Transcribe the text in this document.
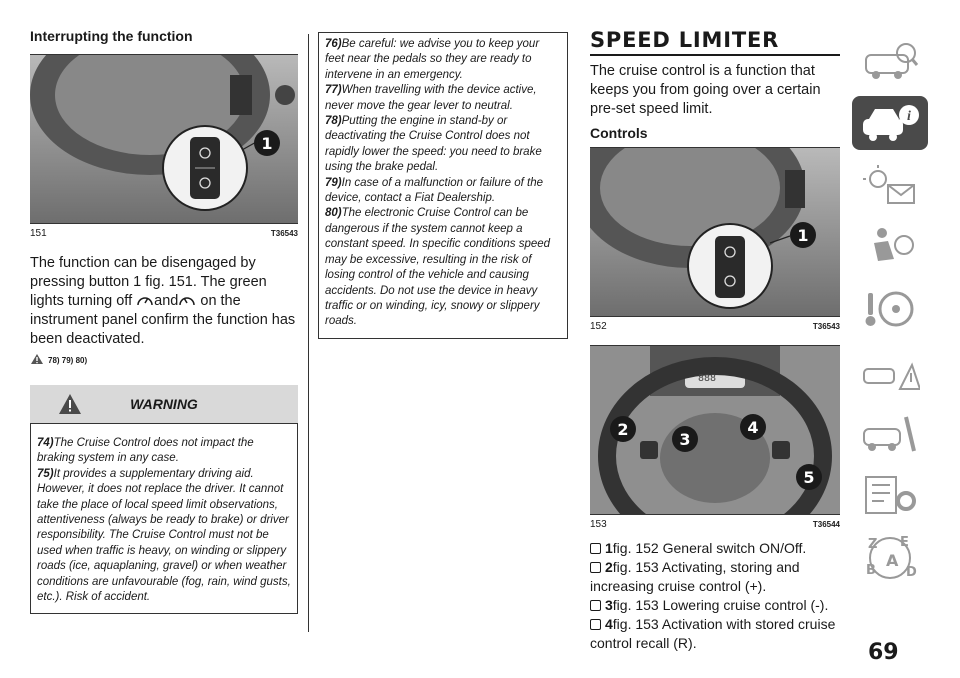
Interrupting the function
1
151	T36543
The function can be disengaged by pressing button 1 fig. 151. The green lights turning off and on the instrument panel confirm the function has been deactivated.
78) 79) 80)
WARNING
74)The Cruise Control does not impact the braking system in any case.
75)It provides a supplementary driving aid. However, it does not replace the driver. It cannot take the place of local speed limit observations, attentiveness (always be ready to brake) or driver responsibility. The Cruise Control must not be used when traffic is heavy, on winding or slippery roads (ice, aquaplaning, gravel) or when weather conditions are unfavourable (fog, rain, wind gusts, etc.). Risk of accident.
76)Be careful: we advise you to keep your feet near the pedals so they are ready to intervene in an emergency.
77)When travelling with the device active, never move the gear lever to neutral.
78)Putting the engine in stand-by or deactivating the Cruise Control does not rapidly lower the speed: you need to brake using the brake pedal.
79)In case of a malfunction or failure of the device, contact a Fiat Dealership.
80)The electronic Cruise Control can be dangerous if the system cannot keep a constant speed. In specific conditions speed may be excessive, resulting in the risk of losing control of the vehicle and causing accidents. Do not use the device in heavy traffic or on winding, icy, snowy or slippery roads.
SPEED LIMITER
The cruise control is a function that keeps you from going over a certain pre-set speed limit.
Controls
1
152	T36543
888
2
3
4
5
153	T36544
1fig. 152 General switch ON/Off.
2fig. 153 Activating, storing and increasing cruise control (+).
3fig. 153 Lowering cruise control (-).
4fig. 153 Activation with stored cruise control recall (R).
i
Z E
A
B D
69
